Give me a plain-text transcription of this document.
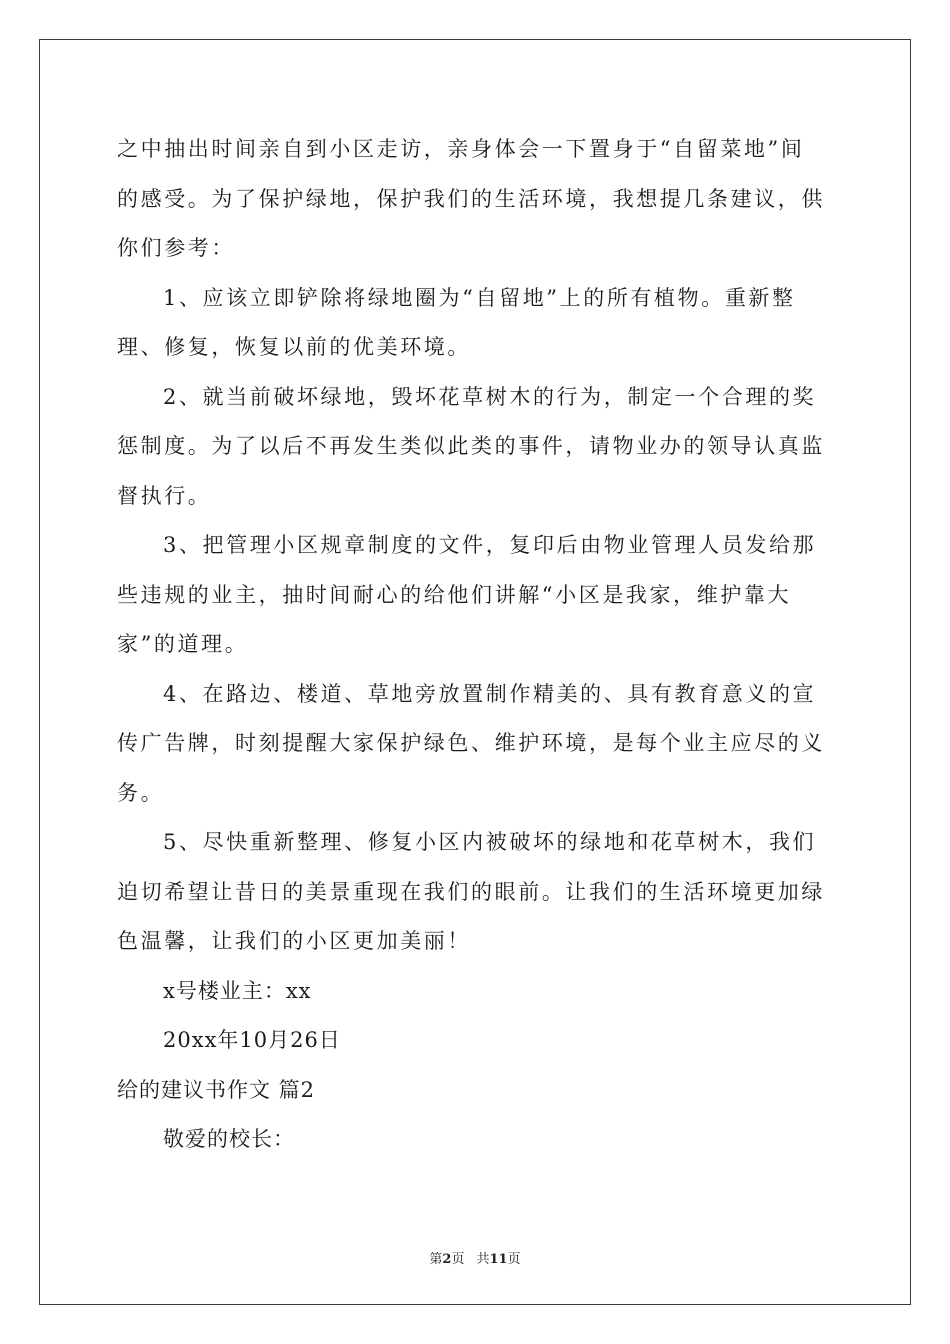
之中抽出时间亲自到小区走访，亲身体会一下置身于“自留菜地”间
的感受。为了保护绿地，保护我们的生活环境，我想提几条建议，供
你们参考：
1、应该立即铲除将绿地圈为“自留地”上的所有植物。重新整
理、修复，恢复以前的优美环境。
2、就当前破坏绿地，毁坏花草树木的行为，制定一个合理的奖
惩制度。为了以后不再发生类似此类的事件，请物业办的领导认真监
督执行。
3、把管理小区规章制度的文件，复印后由物业管理人员发给那
些违规的业主，抽时间耐心的给他们讲解“小区是我家，维护靠大
家”的道理。
4、在路边、楼道、草地旁放置制作精美的、具有教育意义的宣
传广告牌，时刻提醒大家保护绿色、维护环境，是每个业主应尽的义
务。
5、尽快重新整理、修复小区内被破坏的绿地和花草树木，我们
迫切希望让昔日的美景重现在我们的眼前。让我们的生活环境更加绿
色温馨，让我们的小区更加美丽！
x号楼业主：xx
20xx年10月26日
给的建议书作文 篇2
敬爱的校长：
第2页 共11页
